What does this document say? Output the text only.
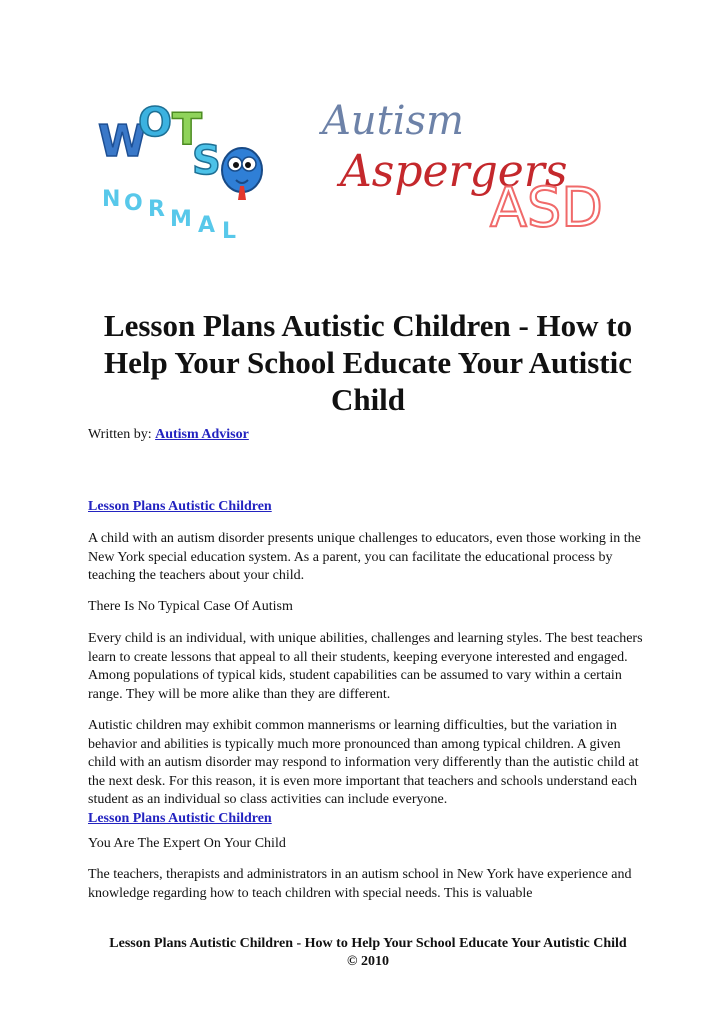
W
O T
S
N O R M A L
Autism
Aspergers
ASD
Lesson Plans Autistic Children - How to Help Your School Educate Your Autistic Child
Written by: Autism Advisor
Lesson Plans Autistic Children

A child with an autism disorder presents unique challenges to educators, even those working in the New York special education system. As a parent, you can facilitate the educational process by teaching the teachers about your child.

There Is No Typical Case Of Autism

Every child is an individual, with unique abilities, challenges and learning styles. The best teachers learn to create lessons that appeal to all their students, keeping everyone interested and engaged. Among populations of typical kids, student capabilities can be assumed to vary within a certain range. They will be more alike than they are different.

Autistic children may exhibit common mannerisms or learning difficulties, but the variation in behavior and abilities is typically much more pronounced than among typical children. A given child with an autism disorder may respond to information very differently than the autistic child at the next desk. For this reason, it is even more important that teachers and schools understand each student as an individual so class activities can include everyone.
Lesson Plans Autistic Children

You Are The Expert On Your Child

The teachers, therapists and administrators in an autism school in New York have experience and knowledge regarding how to teach children with special needs. This is valuable

Lesson Plans Autistic Children - How to Help Your School Educate Your Autistic Child
© 2010
